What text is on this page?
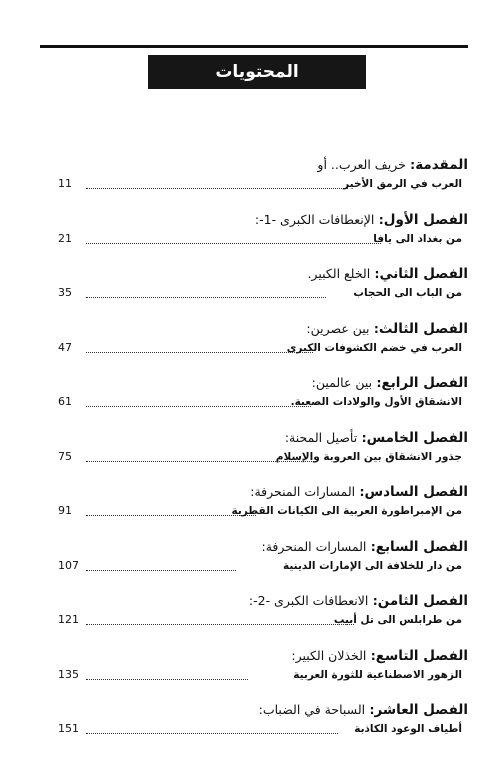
المحتويات
المقدمة: خريف العرب.. أو
11	العرب في الرمق الأخير
الفصل الأول: الإنعطافات الكبرى -1-:
21	من بغداد الى يافا
الفصل الثاني: الخلع الكبير.
35	من الباب الى الحجاب
الفصل الثالث: بين عصرين:
47	العرب في خضم الكشوفات الكبرى
الفصل الرابع: بين عالمين:
61	الانشقاق الأول والولادات الصعبة.
الفصل الخامس: تأصيل المحنة:
75	جذور الانشقاق بين العروبة والإسلام
الفصل السادس: المسارات المنحرفة:
91	من الإمبراطورة العربية الى الكيانات القطرية
الفصل السابع: المسارات المنحرفة:
107	من دار للخلافة الى الإمارات الدينية
الفصل الثامن: الانعطافات الكبرى -2-:
121	من طرابلس الى تل أبيب
الفصل التاسع: الخذلان الكبير:
135	الزهور الاصطناعية للثورة العربية
الفصل العاشر: السباحة في الضباب:
151	أطياف الوعود الكاذبة
